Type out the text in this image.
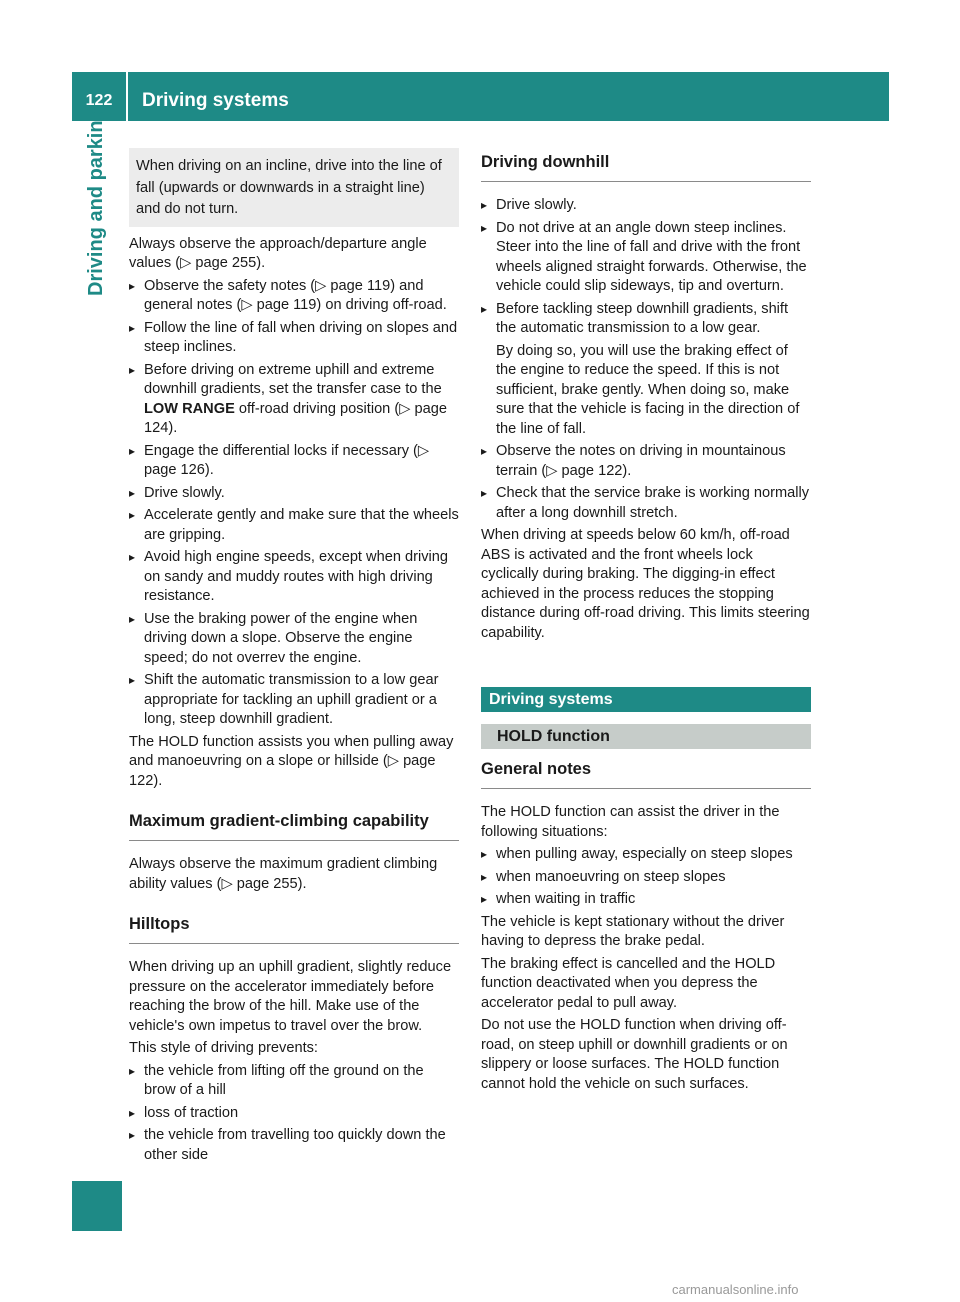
122	Driving systems
Driving and parking	When driving on an incline, drive into the line of fall (upwards or downwards in a straight line) and do not turn.

Always observe the approach/departure angle values (▷ page 255).

▸ Observe the safety notes (▷ page 119) and general notes (▷ page 119) on driving off-road.
▸ Follow the line of fall when driving on slopes and steep inclines.
▸ Before driving on extreme uphill and extreme downhill gradients, set the transfer case to the LOW RANGE off-road driving position (▷ page 124).
▸ Engage the differential locks if necessary (▷ page 126).
▸ Drive slowly.
▸ Accelerate gently and make sure that the wheels are gripping.
▸ Avoid high engine speeds, except when driving on sandy and muddy routes with high driving resistance.
▸ Use the braking power of the engine when driving down a slope. Observe the engine speed; do not overrev the engine.
▸ Shift the automatic transmission to a low gear appropriate for tackling an uphill gradient or a long, steep downhill gradient.

The HOLD function assists you when pulling away and manoeuvring on a slope or hillside (▷ page 122).

Maximum gradient-climbing capability

Always observe the maximum gradient climbing ability values (▷ page 255).

Hilltops

When driving up an uphill gradient, slightly reduce pressure on the accelerator immediately before reaching the brow of the hill. Make use of the vehicle's own impetus to travel over the brow.

This style of driving prevents:

▸ the vehicle from lifting off the ground on the brow of a hill
▸ loss of traction
▸ the vehicle from travelling too quickly down the other side
Driving downhill
▸ Drive slowly.
▸ Do not drive at an angle down steep inclines. Steer into the line of fall and drive with the front wheels aligned straight forwards. Otherwise, the vehicle could slip sideways, tip and overturn.
▸ Before tackling steep downhill gradients, shift the automatic transmission to a low gear.
By doing so, you will use the braking effect of the engine to reduce the speed. If this is not sufficient, brake gently. When doing so, make sure that the vehicle is facing in the direction of the line of fall.
▸ Observe the notes on driving in mountainous terrain (▷ page 122).
▸ Check that the service brake is working normally after a long downhill stretch.

When driving at speeds below 60 km/h, off-road ABS is activated and the front wheels lock cyclically during braking. The digging-in effect achieved in the process reduces the stopping distance during off-road driving. This limits steering capability.

Driving systems
HOLD function
General notes

The HOLD function can assist the driver in the following situations:

▸ when pulling away, especially on steep slopes
▸ when manoeuvring on steep slopes
▸ when waiting in traffic

The vehicle is kept stationary without the driver having to depress the brake pedal.

The braking effect is cancelled and the HOLD function deactivated when you depress the accelerator pedal to pull away.

Do not use the HOLD function when driving off-road, on steep uphill or downhill gradients or on slippery or loose surfaces. The HOLD function cannot hold the vehicle on such surfaces.

carmanualsonline.info
